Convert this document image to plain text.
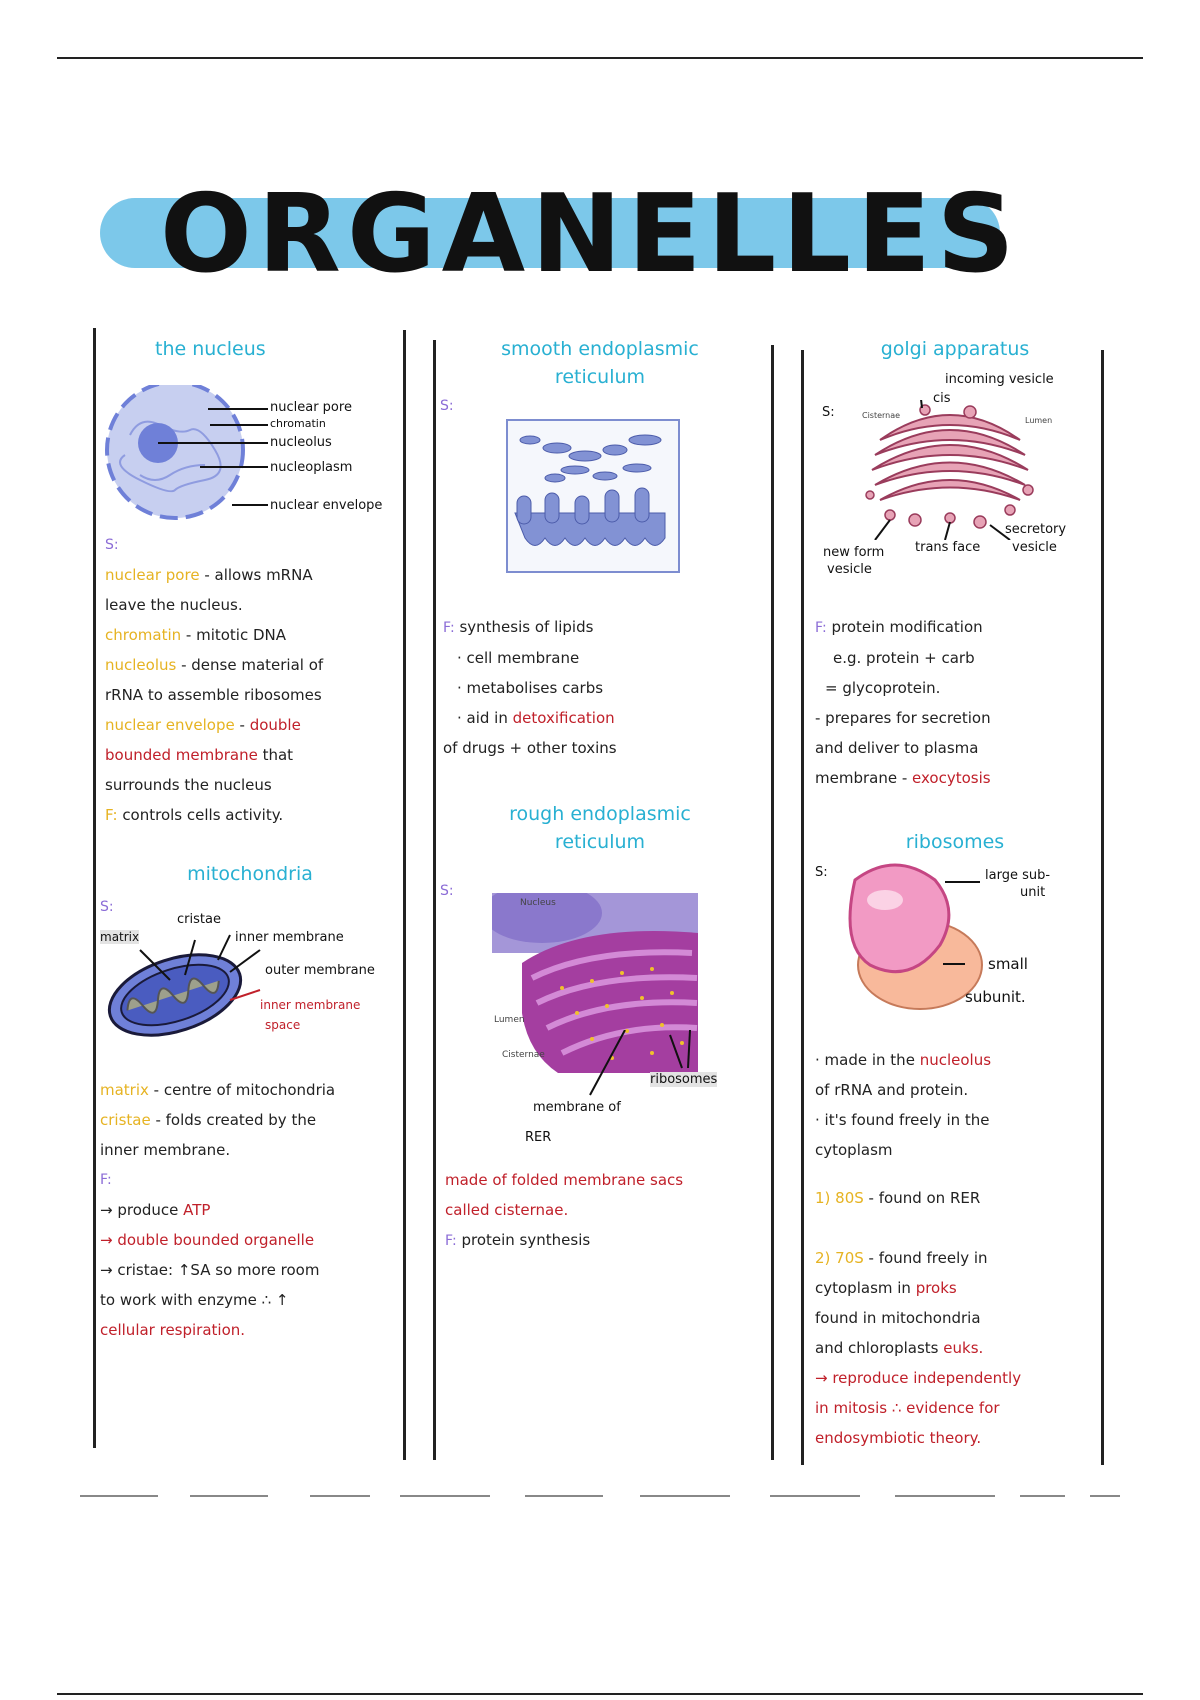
ORGANELLES

the nucleus

nuclear pore
chromatin
nucleolus
nucleoplasm
nuclear envelope

S:

nuclear pore - allows mRNA

leave the nucleus.

chromatin - mitotic DNA

nucleolus - dense material of

rRNA to assemble ribosomes

nuclear envelope - double

bounded membrane that

surrounds the nucleus

F: controls cells activity.

mitochondria

S:

matrix
cristae
inner membrane
outer membrane
inner membrane
space

matrix - centre of mitochondria

cristae - folds created by the

inner membrane.

F:

→ produce ATP

→ double bounded organelle

→ cristae: ↑SA so more room

to work with enzyme ∴ ↑

cellular respiration.

smooth endoplasmic

reticulum

S:

F: synthesis of lipids

· cell membrane

· metabolises carbs

· aid in detoxification

of drugs + other toxins

rough endoplasmic

reticulum

S:

Nucleus
Lumen
Cisternae
ribosomes
membrane of
RER

made of folded membrane sacs

called cisternae.

F: protein synthesis

golgi apparatus

incoming vesicle
cis
S:	Cisternae
Lumen
new form
vesicle
trans face
secretory
vesicle

F: protein modification

e.g. protein + carb

= glycoprotein.

- prepares for secretion

and deliver to plasma

membrane - exocytosis

ribosomes

S:	large sub-
unit
small
subunit.

· made in the nucleolus

of rRNA and protein.

· it's found freely in the

cytoplasm

1) 80S - found on RER

2) 70S - found freely in

cytoplasm in proks

found in mitochondria

and chloroplasts euks.

→ reproduce independently

in mitosis ∴ evidence for

endosymbiotic theory.
